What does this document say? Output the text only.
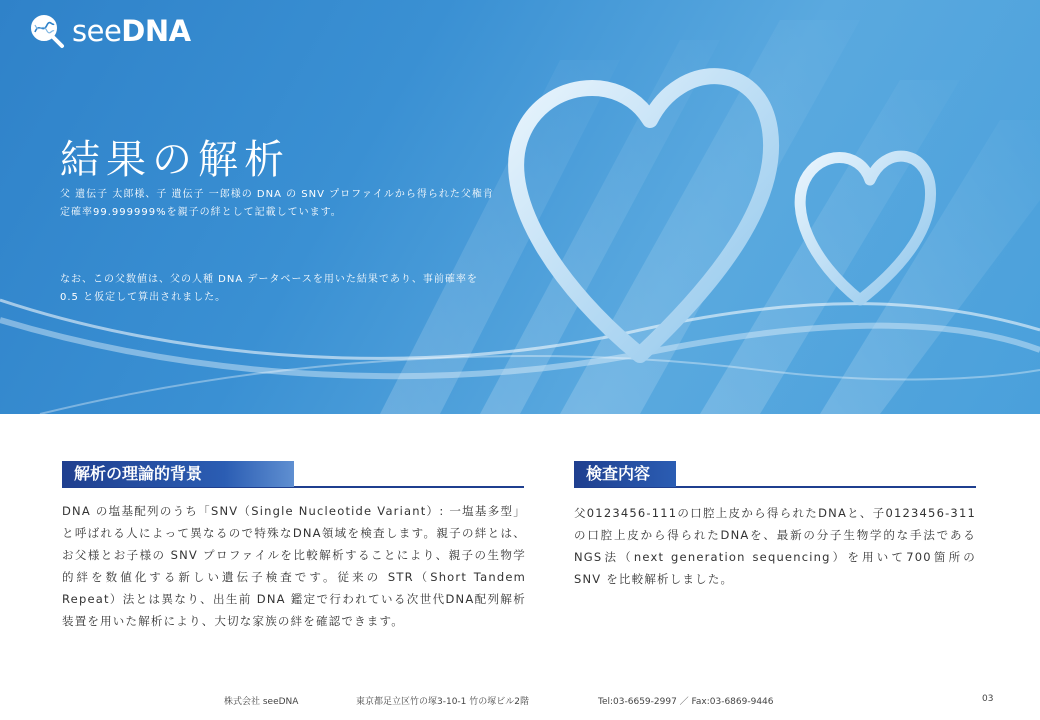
seeDNA
結果の解析

父 遺伝子 太郎様、子 遺伝子 一郎様の DNA の SNV プロファイルから得られた父権肯定確率99.999999%を親子の絆として記載しています。

なお、この父数値は、父の人種 DNA データベースを用いた結果であり、事前確率を 0.5 と仮定して算出されました。

解析の理論的背景

DNA の塩基配列のうち「SNV（Single Nucleotide Variant）: 一塩基多型」と呼ばれる人によって異なるので特殊なDNA領域を検査します。親子の絆とは、お父様とお子様の SNV プロファイルを比較解析することにより、親子の生物学的絆を数値化する新しい遺伝子検査です。従来の STR（Short Tandem Repeat）法とは異なり、出生前 DNA 鑑定で行われている次世代DNA配列解析装置を用いた解析により、大切な家族の絆を確認できます。

検査内容

父0123456-111の口腔上皮から得られたDNAと、子0123456-311の口腔上皮から得られたDNAを、最新の分子生物学的な手法であるNGS法（next generation sequencing）を用いて700箇所の SNV を比較解析しました。

株式会社 seeDNA	東京都足立区竹の塚3-10-1 竹の塚ビル2階	Tel:03-6659-2997 ／ Fax:03-6869-9446	03
